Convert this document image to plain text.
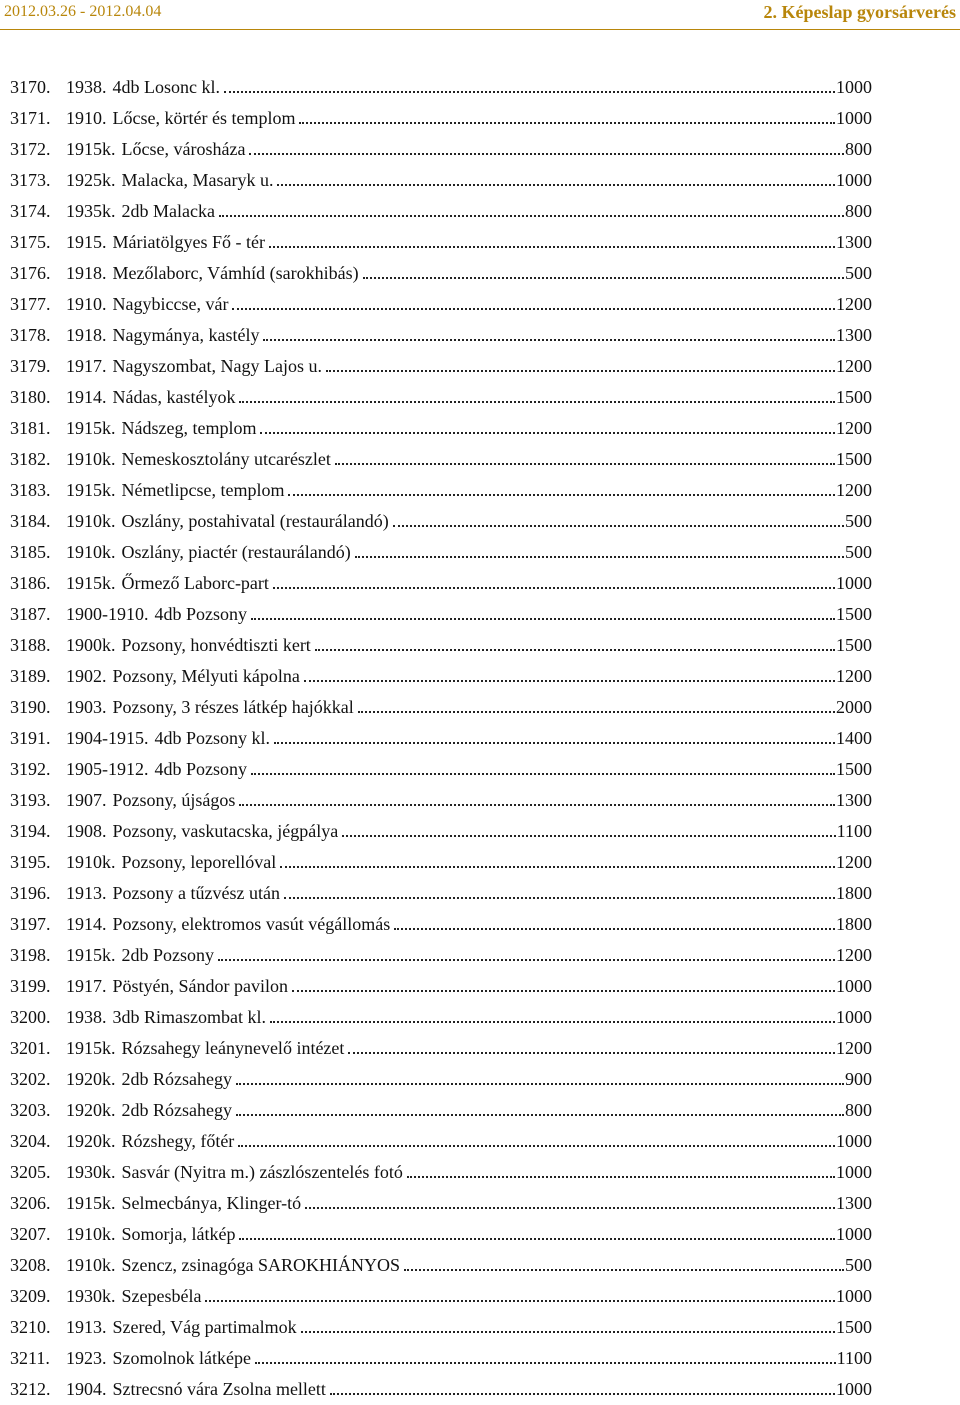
2012.03.26 - 2012.04.04	2. Képeslap gyorsárverés
3170. 1938. 4db Losonc kl.	1000
3171. 1910. Lőcse, körtér és templom	1000
3172. 1915k. Lőcse, városháza	800
3173. 1925k. Malacka, Masaryk u.	1000
3174. 1935k. 2db Malacka	800
3175. 1915. Máriatölgyes Fő - tér	1300
3176. 1918. Mezőlaborc, Vámhíd (sarokhibás)	500
3177. 1910. Nagybiccse, vár	1200
3178. 1918. Nagymánya, kastély	1300
3179. 1917. Nagyszombat, Nagy Lajos u.	1200
3180. 1914. Nádas, kastélyok	1500
3181. 1915k. Nádszeg, templom	1200
3182. 1910k. Nemeskosztolány utcarészlet	1500
3183. 1915k. Németlipcse, templom	1200
3184. 1910k. Oszlány, postahivatal (restaurálandó)	500
3185. 1910k. Oszlány, piactér (restaurálandó)	500
3186. 1915k. Őrmező Laborc-part	1000
3187. 1900-1910. 4db Pozsony	1500
3188. 1900k. Pozsony, honvédtiszti kert	1500
3189. 1902. Pozsony, Mélyuti kápolna	1200
3190. 1903. Pozsony, 3 részes látkép hajókkal	2000
3191. 1904-1915. 4db Pozsony kl.	1400
3192. 1905-1912. 4db Pozsony	1500
3193. 1907. Pozsony, újságos	1300
3194. 1908. Pozsony, vaskutacska, jégpálya	1100
3195. 1910k. Pozsony, leporellóval	1200
3196. 1913. Pozsony a tűzvész után	1800
3197. 1914. Pozsony, elektromos vasút végállomás	1800
3198. 1915k. 2db Pozsony	1200
3199. 1917. Pöstyén, Sándor pavilon	1000
3200. 1938. 3db Rimaszombat kl.	1000
3201. 1915k. Rózsahegy leánynevelő intézet	1200
3202. 1920k. 2db Rózsahegy	900
3203. 1920k. 2db Rózsahegy	800
3204. 1920k. Rózshegy, főtér	1000
3205. 1930k. Sasvár (Nyitra m.) zászlószentelés fotó	1000
3206. 1915k. Selmecbánya, Klinger-tó	1300
3207. 1910k. Somorja, látkép	1000
3208. 1910k. Szencz, zsinagóga SAROKHIÁNYOS	500
3209. 1930k. Szepesbéla	1000
3210. 1913. Szered, Vág partimalmok	1500
3211. 1923. Szomolnok látképe	1100
3212. 1904. Sztrecsnó vára Zsolna mellett	1000
